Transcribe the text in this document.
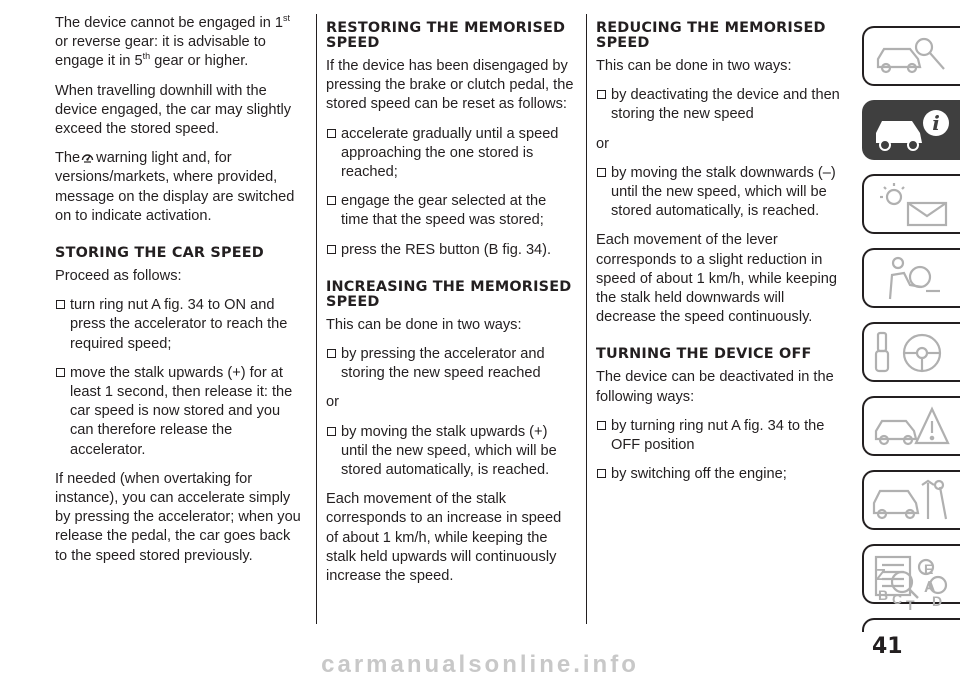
The device cannot be engaged in 1st or reverse gear: it is advisable to engage it in 5th gear or higher.

When travelling downhill with the device engaged, the car may slightly exceed the stored speed.

The warning light and, for versions/markets, where provided, message on the display are switched on to indicate activation.

STORING THE CAR SPEED

Proceed as follows:

turn ring nut A fig. 34 to ON and press the accelerator to reach the required speed;
move the stalk upwards (+) for at least 1 second, then release it: the car speed is now stored and you can therefore release the accelerator.

If needed (when overtaking for instance), you can accelerate simply by pressing the accelerator; when you release the pedal, the car goes back to the speed stored previously.

RESTORING THE MEMORISED SPEED

If the device has been disengaged by pressing the brake or clutch pedal, the stored speed can be reset as follows:

accelerate gradually until a speed approaching the one stored is reached;
engage the gear selected at the time that the speed was stored;
press the RES button (B fig. 34).
INCREASING THE MEMORISED SPEED

This can be done in two ways:

by pressing the accelerator and storing the new speed reached

or

by moving the stalk upwards (+) until the new speed, which will be stored automatically, is reached.

Each movement of the stalk corresponds to an increase in speed of about 1 km/h, while keeping the stalk held upwards will continuously increase the speed.

REDUCING THE MEMORISED SPEED

This can be done in two ways:

by deactivating the device and then storing the new speed

or

by moving the stalk downwards (–) until the new speed, which will be stored automatically, is reached.

Each movement of the lever corresponds to a slight reduction in speed of about 1 km/h, while keeping the stalk held downwards will decrease the speed continuously.

TURNING THE DEVICE OFF

The device can be deactivated in the following ways:

by turning ring nut A fig. 34 to the OFF position
by switching off the engine;
i
Z	E
A
B C T D
41
carmanualsonline.info
